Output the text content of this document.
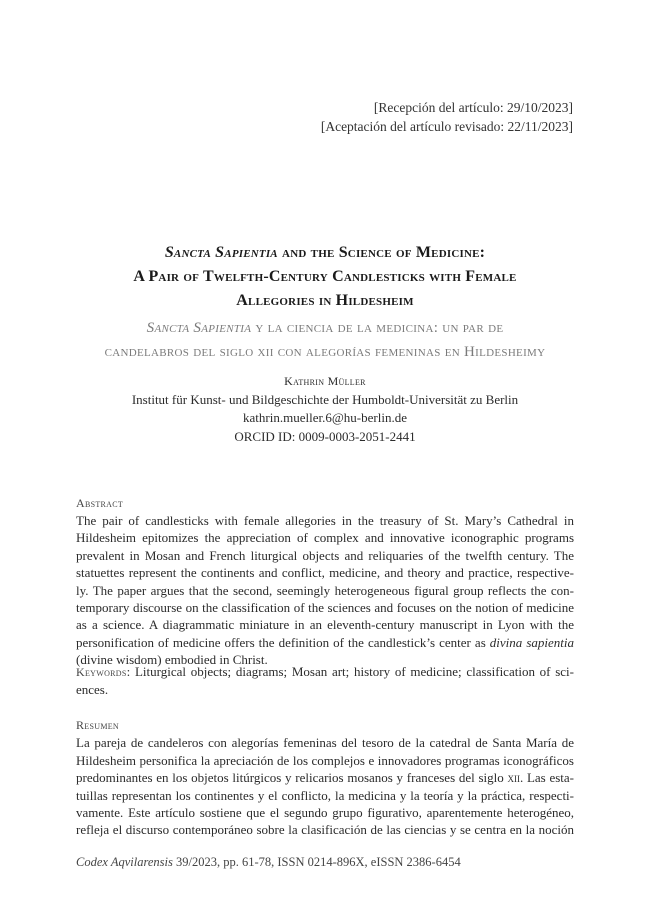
[Recepción del artículo: 29/10/2023]
[Aceptación del artículo revisado: 22/11/2023]
Sancta Sapientia and the Science of Medicine:
A Pair of Twelfth-Century Candlesticks with Female
Allegories in Hildesheim
Sancta Sapientia y la ciencia de la medicina: un par de
candelabros del siglo xii con alegorías femeninas en Hildesheimy
Kathrin Müller
Institut für Kunst- und Bildgeschichte der Humboldt-Universität zu Berlin
kathrin.mueller.6@hu-berlin.de
ORCID ID: 0009-0003-2051-2441
Abstract
The pair of candlesticks with female allegories in the treasury of St. Mary’s Cathedral in
Hildesheim epitomizes the appreciation of complex and innovative iconographic programs
prevalent in Mosan and French liturgical objects and reliquaries of the twelfth century. The
statuettes represent the continents and conflict, medicine, and theory and practice, respective-
ly. The paper argues that the second, seemingly heterogeneous figural group reflects the con-
temporary discourse on the classification of the sciences and focuses on the notion of medicine
as a science. A diagrammatic miniature in an eleventh-century manuscript in Lyon with the
personification of medicine offers the definition of the candlestick’s center as divina sapientia
(divine wisdom) embodied in Christ.
Keywords: Liturgical objects; diagrams; Mosan art; history of medicine; classification of sci-
ences.
Resumen
La pareja de candeleros con alegorías femeninas del tesoro de la catedral de Santa María de
Hildesheim personifica la apreciación de los complejos e innovadores programas iconográficos
predominantes en los objetos litúrgicos y relicarios mosanos y franceses del siglo xii. Las esta-
tuillas representan los continentes y el conflicto, la medicina y la teoría y la práctica, respecti-
vamente. Este artículo sostiene que el segundo grupo figurativo, aparentemente heterogéneo,
refleja el discurso contemporáneo sobre la clasificación de las ciencias y se centra en la noción
Codex Aqvilarensis 39/2023, pp. 61-78, ISSN 0214-896X, eISSN 2386-6454
